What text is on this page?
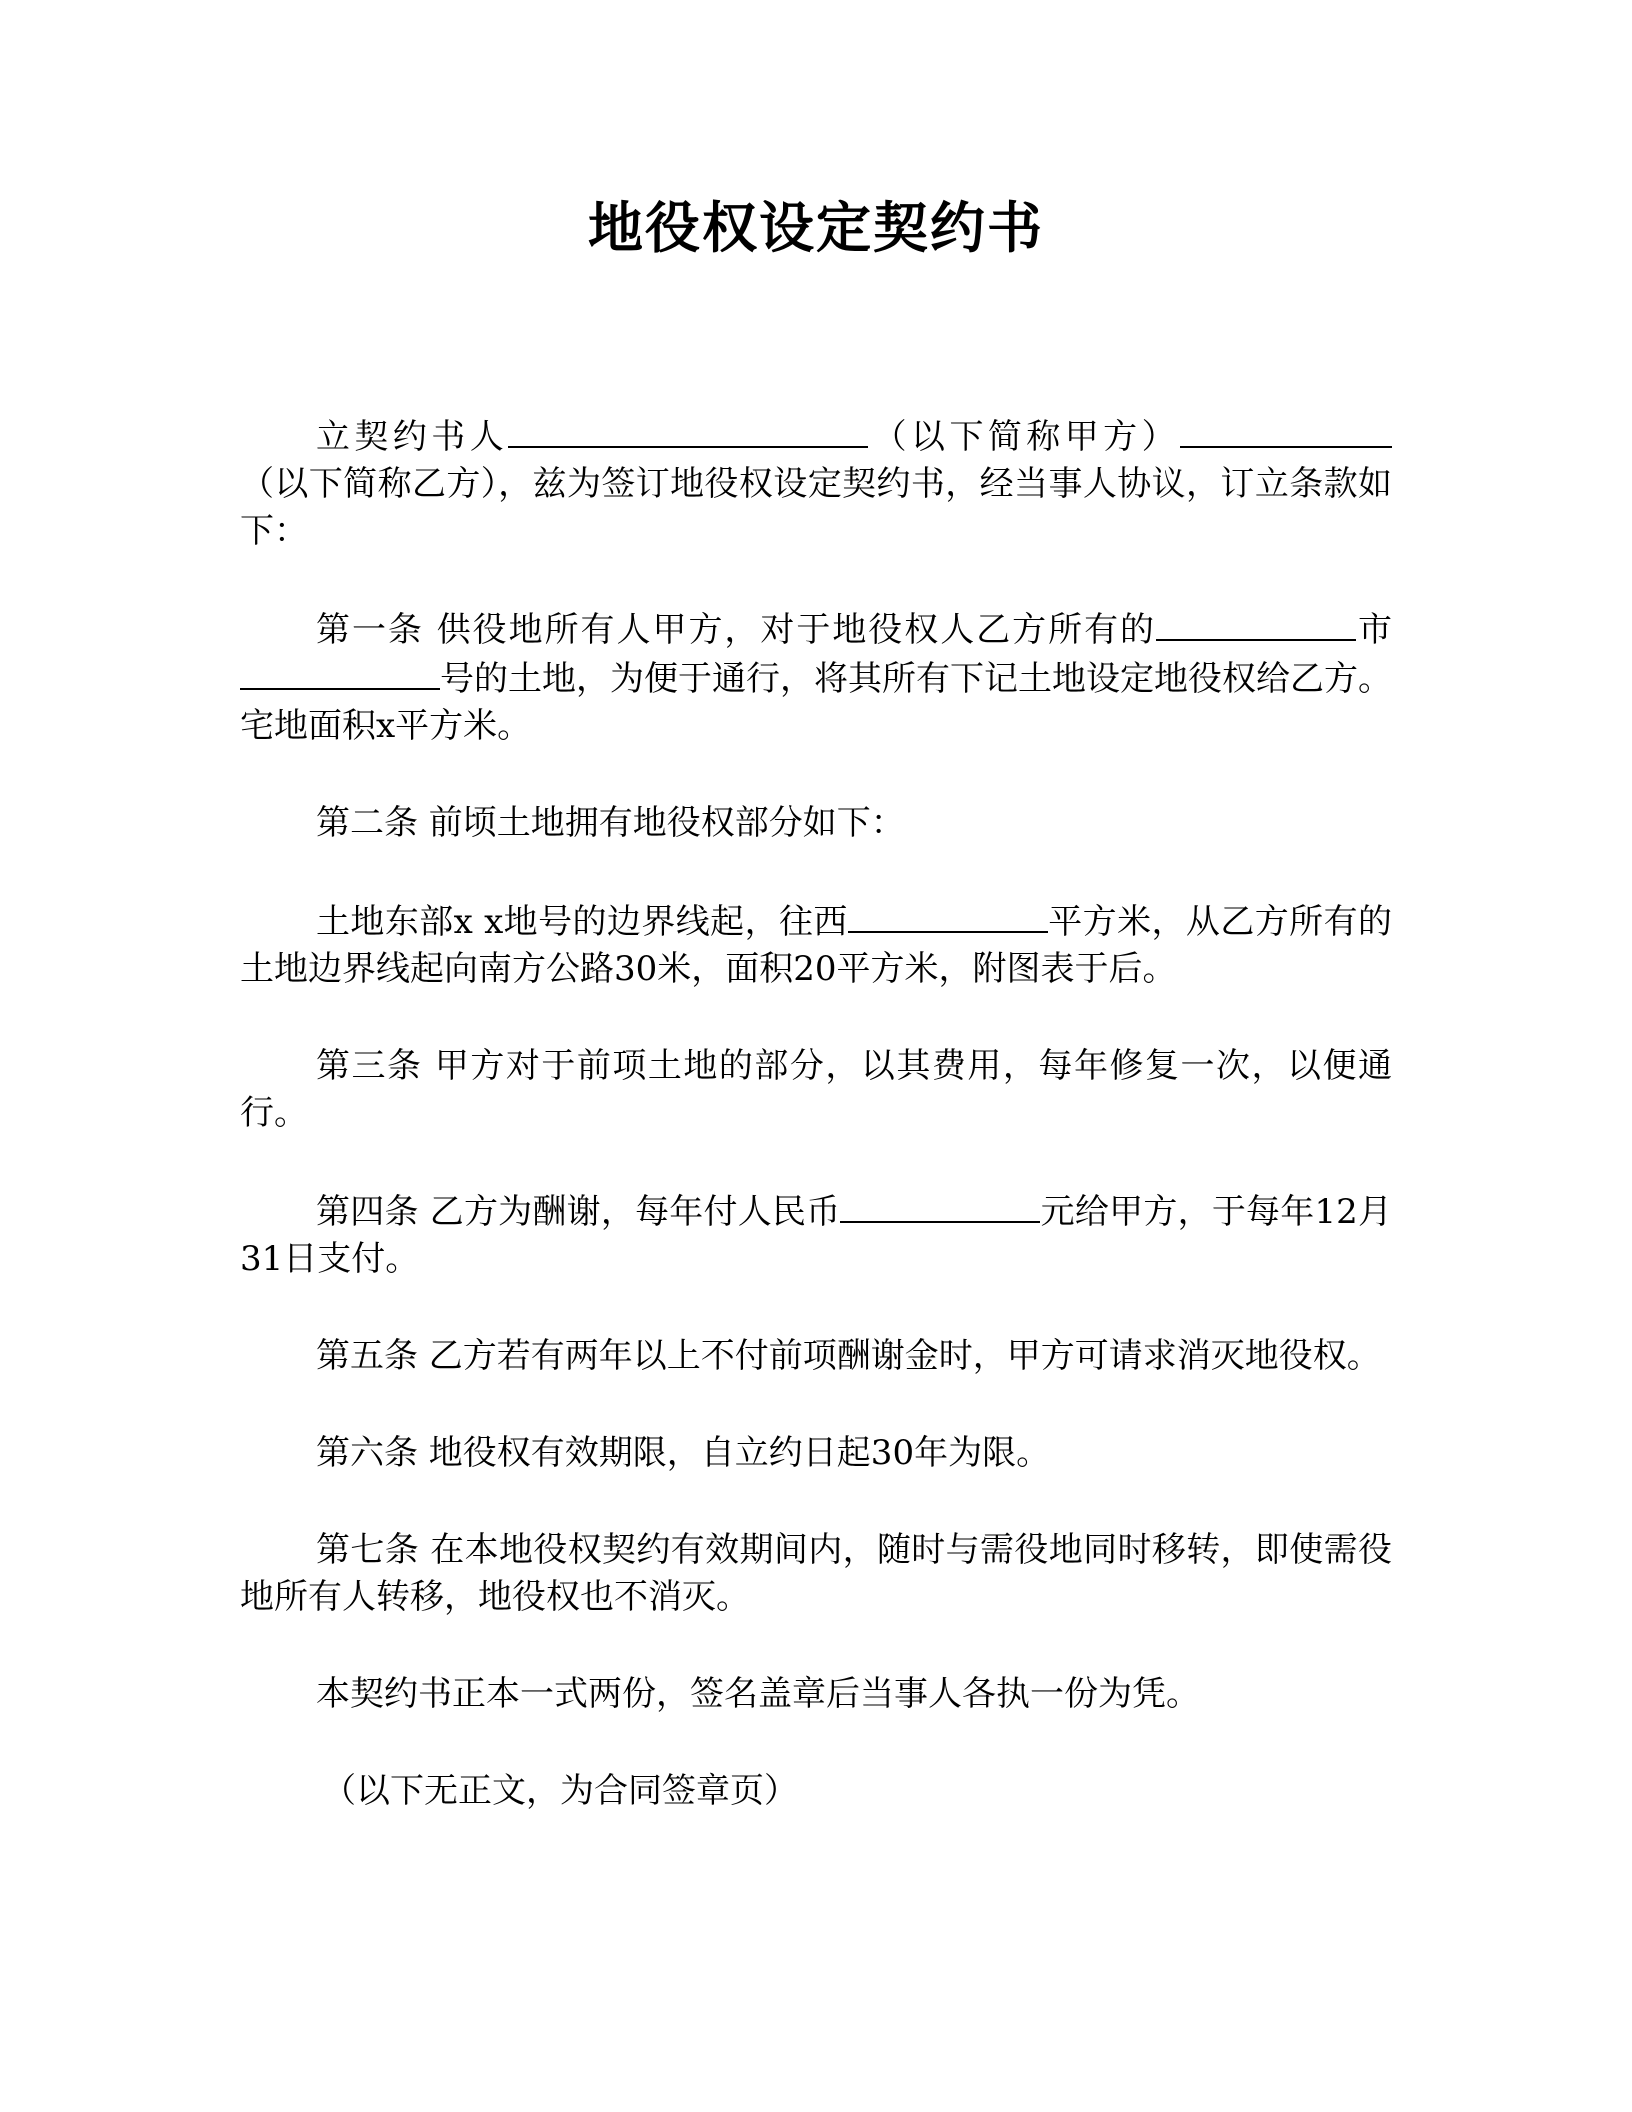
地役权设定契约书

立契约书人	（以下简称甲方）（以下简称乙方），兹为签订地役权设定契约书，经当事人协议，订立条款如下：

第一条 供役地所有人甲方，对于地役权人乙方所有的	市号的土地，为便于通行，将其所有下记土地设定地役权给乙方。宅地面积x平方米。

第二条 前顷土地拥有地役权部分如下：

土地东部x x地号的边界线起，往西	平方米，从乙方所有的土地边界线起向南方公路30米，面积20平方米，附图表于后。

第三条 甲方对于前项土地的部分，以其费用，每年修复一次，以便通行。

第四条 乙方为酬谢，每年付人民币	元给甲方，于每年12月31日支付。

第五条 乙方若有两年以上不付前项酬谢金时，甲方可请求消灭地役权。

第六条 地役权有效期限，自立约日起30年为限。

第七条 在本地役权契约有效期间内，随时与需役地同时移转，即使需役地所有人转移，地役权也不消灭。

本契约书正本一式两份，签名盖章后当事人各执一份为凭。

（以下无正文，为合同签章页）
